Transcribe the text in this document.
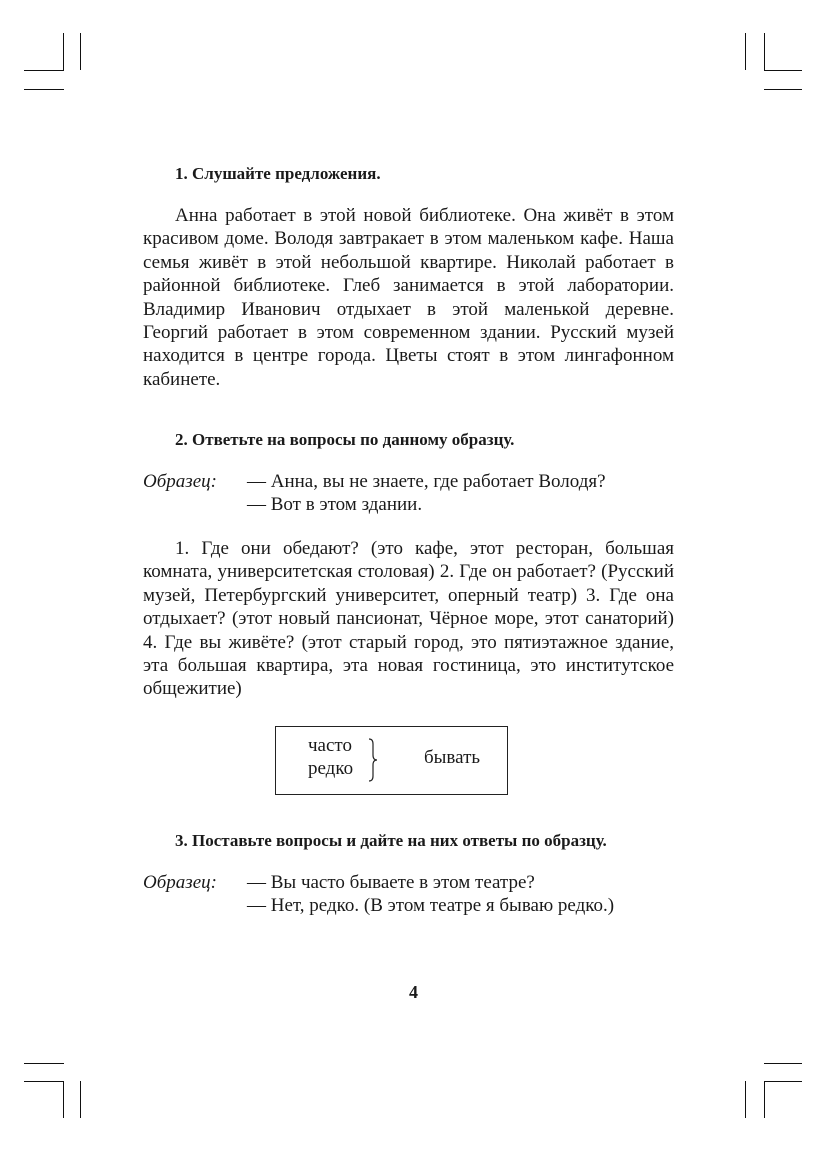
1. Слушайте предложения.

Анна работает в этой новой библиотеке. Она живёт в этом красивом доме. Володя завтракает в этом маленьком кафе. Наша семья живёт в этой небольшой квартире. Николай работает в районной библиотеке. Глеб занимается в этой лаборатории. Владимир Иванович отдыхает в этой маленькой деревне. Георгий работает в этом современном здании. Русский музей находится в центре города. Цветы стоят в этом лингафонном кабинете.

2. Ответьте на вопросы по данному образцу.
Образец: — Анна, вы не знаете, где работает Володя?
— Вот в этом здании.

1. Где они обедают? (это кафе, этот ресторан, большая комната, университетская столовая) 2. Где он работает? (Русский музей, Петербургский университет, оперный театр) 3. Где она отдыхает? (этот новый пансионат, Чёрное море, этот санаторий) 4. Где вы живёте? (этот старый город, это пятиэтажное здание, эта большая квартира, эта новая гостиница, это институтское общежитие)

3. Поставьте вопросы и дайте на них ответы по образцу.
Образец: — Вы часто бываете в этом театре?
— Нет, редко. (В этом театре я бываю редко.)
часто
редко
бывать
4
